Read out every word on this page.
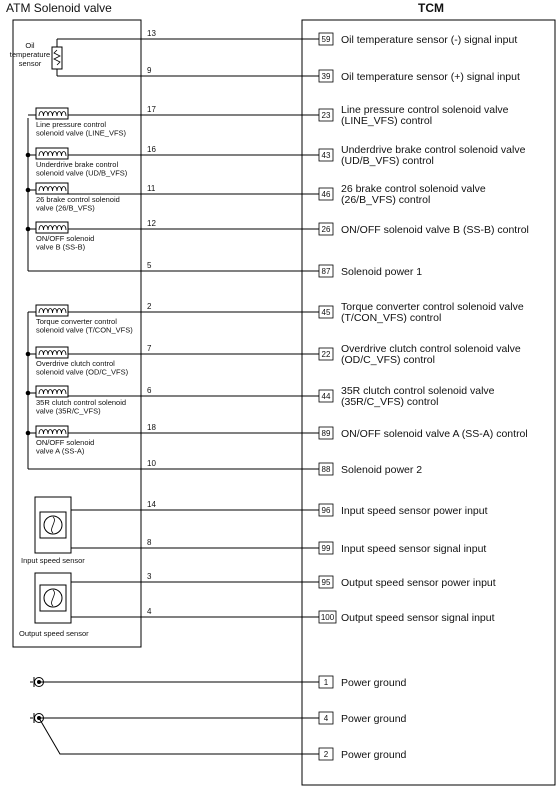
ATM Solenoid valve	TCM
Oil
temperature
sensor
Input speed sensor
Output speed sensor
Line pressure control
solenoid valve (LINE_VFS)
Underdrive brake control
solenoid valve (UD/B_VFS)
26 brake control solenoid
valve (26/B_VFS)
ON/OFF solenoid
valve B (SS-B)
Torque converter control
solenoid valve (T/CON_VFS)
Overdrive clutch control
solenoid valve (OD/C_VFS)
35R clutch control solenoid
valve (35R/C_VFS)
ON/OFF solenoid
valve A (SS-A)
13
9
17
16
11
12
5
2
7
6
18
10
14
8
3
4
59 Oil temperature sensor (-) signal input
39 Oil temperature sensor (+) signal input
23 Line pressure control solenoid valve
(LINE_VFS) control
43 Underdrive brake control solenoid valve
(UD/B_VFS) control
46 26 brake control solenoid valve
(26/B_VFS) control
26 ON/OFF solenoid valve B (SS-B) control
87 Solenoid power 1
45 Torque converter control solenoid valve
(T/CON_VFS) control
22 Overdrive clutch control solenoid valve
(OD/C_VFS) control
44 35R clutch control solenoid valve
(35R/C_VFS) control
89 ON/OFF solenoid valve A (SS-A) control
88 Solenoid power 2
96 Input speed sensor power input
99 Input speed sensor signal input
95 Output speed sensor power input
100 Output speed sensor signal input
1 Power ground
4 Power ground
2 Power ground
